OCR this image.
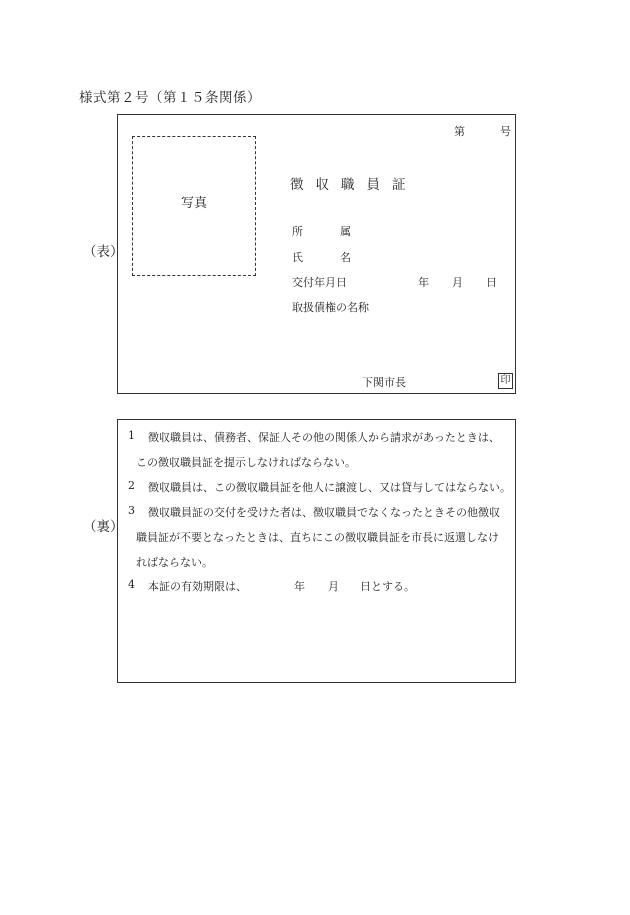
様式第２号（第１５条関係）
（表）
第	号
写真
徴収職員証
所	属
氏	名
交付年月日	年 月 日
取扱債権の名称
下関市長	印
（裏）
1 徴収職員は、債務者、保証人その他の関係人から請求があったときは、
この徴収職員証を提示しなければならない。
2 徴収職員は、この徴収職員証を他人に譲渡し、又は貸与してはならない。
3 徴収職員証の交付を受けた者は、徴収職員でなくなったときその他徴収
職員証が不要となったときは、直ちにこの徴収職員証を市長に返還しなけ
ればならない。
4 本証の有効期限は、	年 月 日とする。
